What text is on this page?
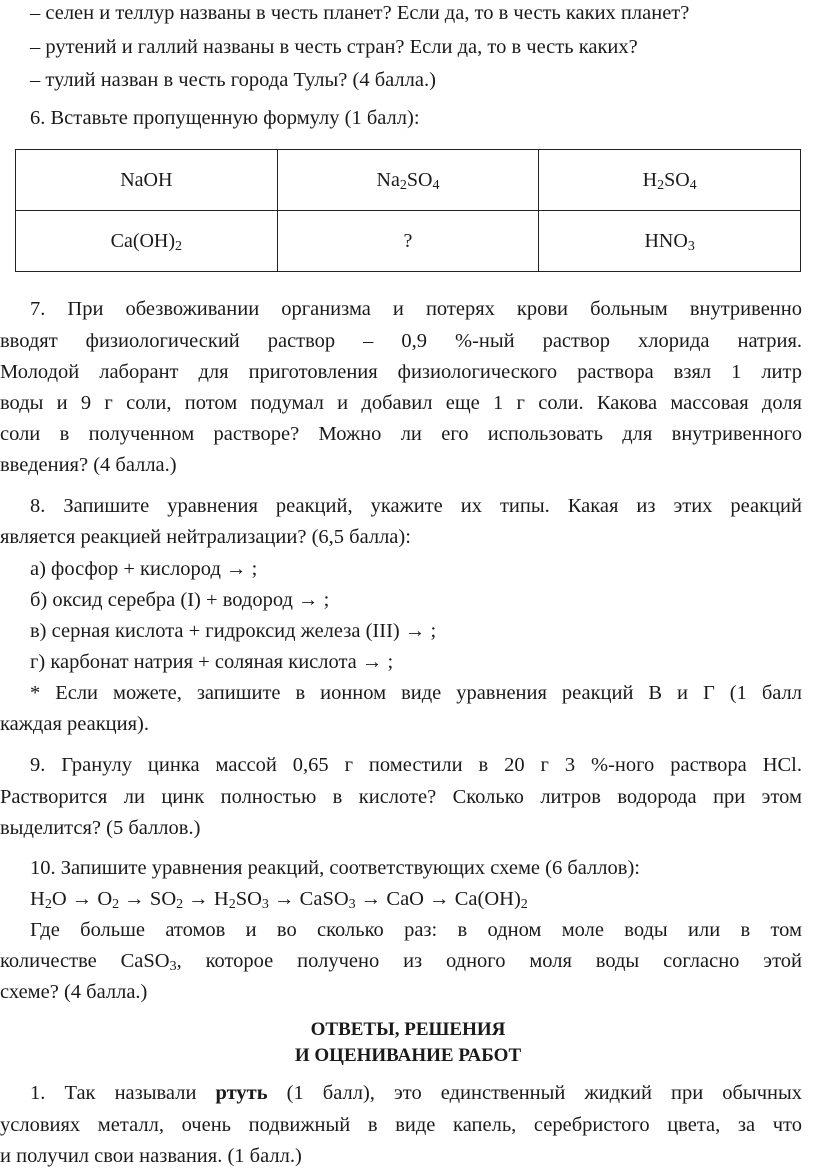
– селен и теллур названы в честь планет? Если да, то в честь каких планет?
– рутений и галлий названы в честь стран? Если да, то в честь каких?
– тулий назван в честь города Тулы? (4 балла.)
6. Вставьте пропущенную формулу (1 балл):
NaOH	$Na_2SO_4$	$H_2SO_4$
$Ca(OH)_2$	?	$HNO_3$
7. При обезвоживании организма и потерях крови больным внутривенно
вводят физиологический раствор – 0,9 %-ный раствор хлорида натрия.
Молодой лаборант для приготовления физиологического раствора взял 1 литр
воды и 9 г соли, потом подумал и добавил еще 1 г соли. Какова массовая доля
соли в полученном растворе? Можно ли его использовать для внутривенного
введения? (4 балла.)
8. Запишите уравнения реакций, укажите их типы. Какая из этих реакций
является реакцией нейтрализации? (6,5 балла):
а) фосфор + кислород → ;
б) оксид серебра (I) + водород → ;
в) серная кислота + гидроксид железа (III) → ;
г) карбонат натрия + соляная кислота → ;
* Если можете, запишите в ионном виде уравнения реакций В и Г (1 балл
каждая реакция).
9. Гранулу цинка массой 0,65 г поместили в 20 г 3 %-ного раствора HCl.
Растворится ли цинк полностью в кислоте? Сколько литров водорода при этом
выделится? (5 баллов.)
10. Запишите уравнения реакций, соответствующих схеме (6 баллов):
$H_2O \to O_2 \to SO_2 \to H_2SO_3$ → CaSO$_3$ → CaO → $Ca(OH)_2$
Где больше атомов и во сколько раз: в одном моле воды или в том
количестве CaSO$_3$, которое получено из одного моля воды согласно этой
схеме? (4 балла.)
ОТВЕТЫ, РЕШЕНИЯ
И ОЦЕНИВАНИЕ РАБОТ
1. Так называли ртуть (1 балл), это единственный жидкий при обычных
условиях металл, очень подвижный в виде капель, серебристого цвета, за что
и получил свои названия. (1 балл.)
